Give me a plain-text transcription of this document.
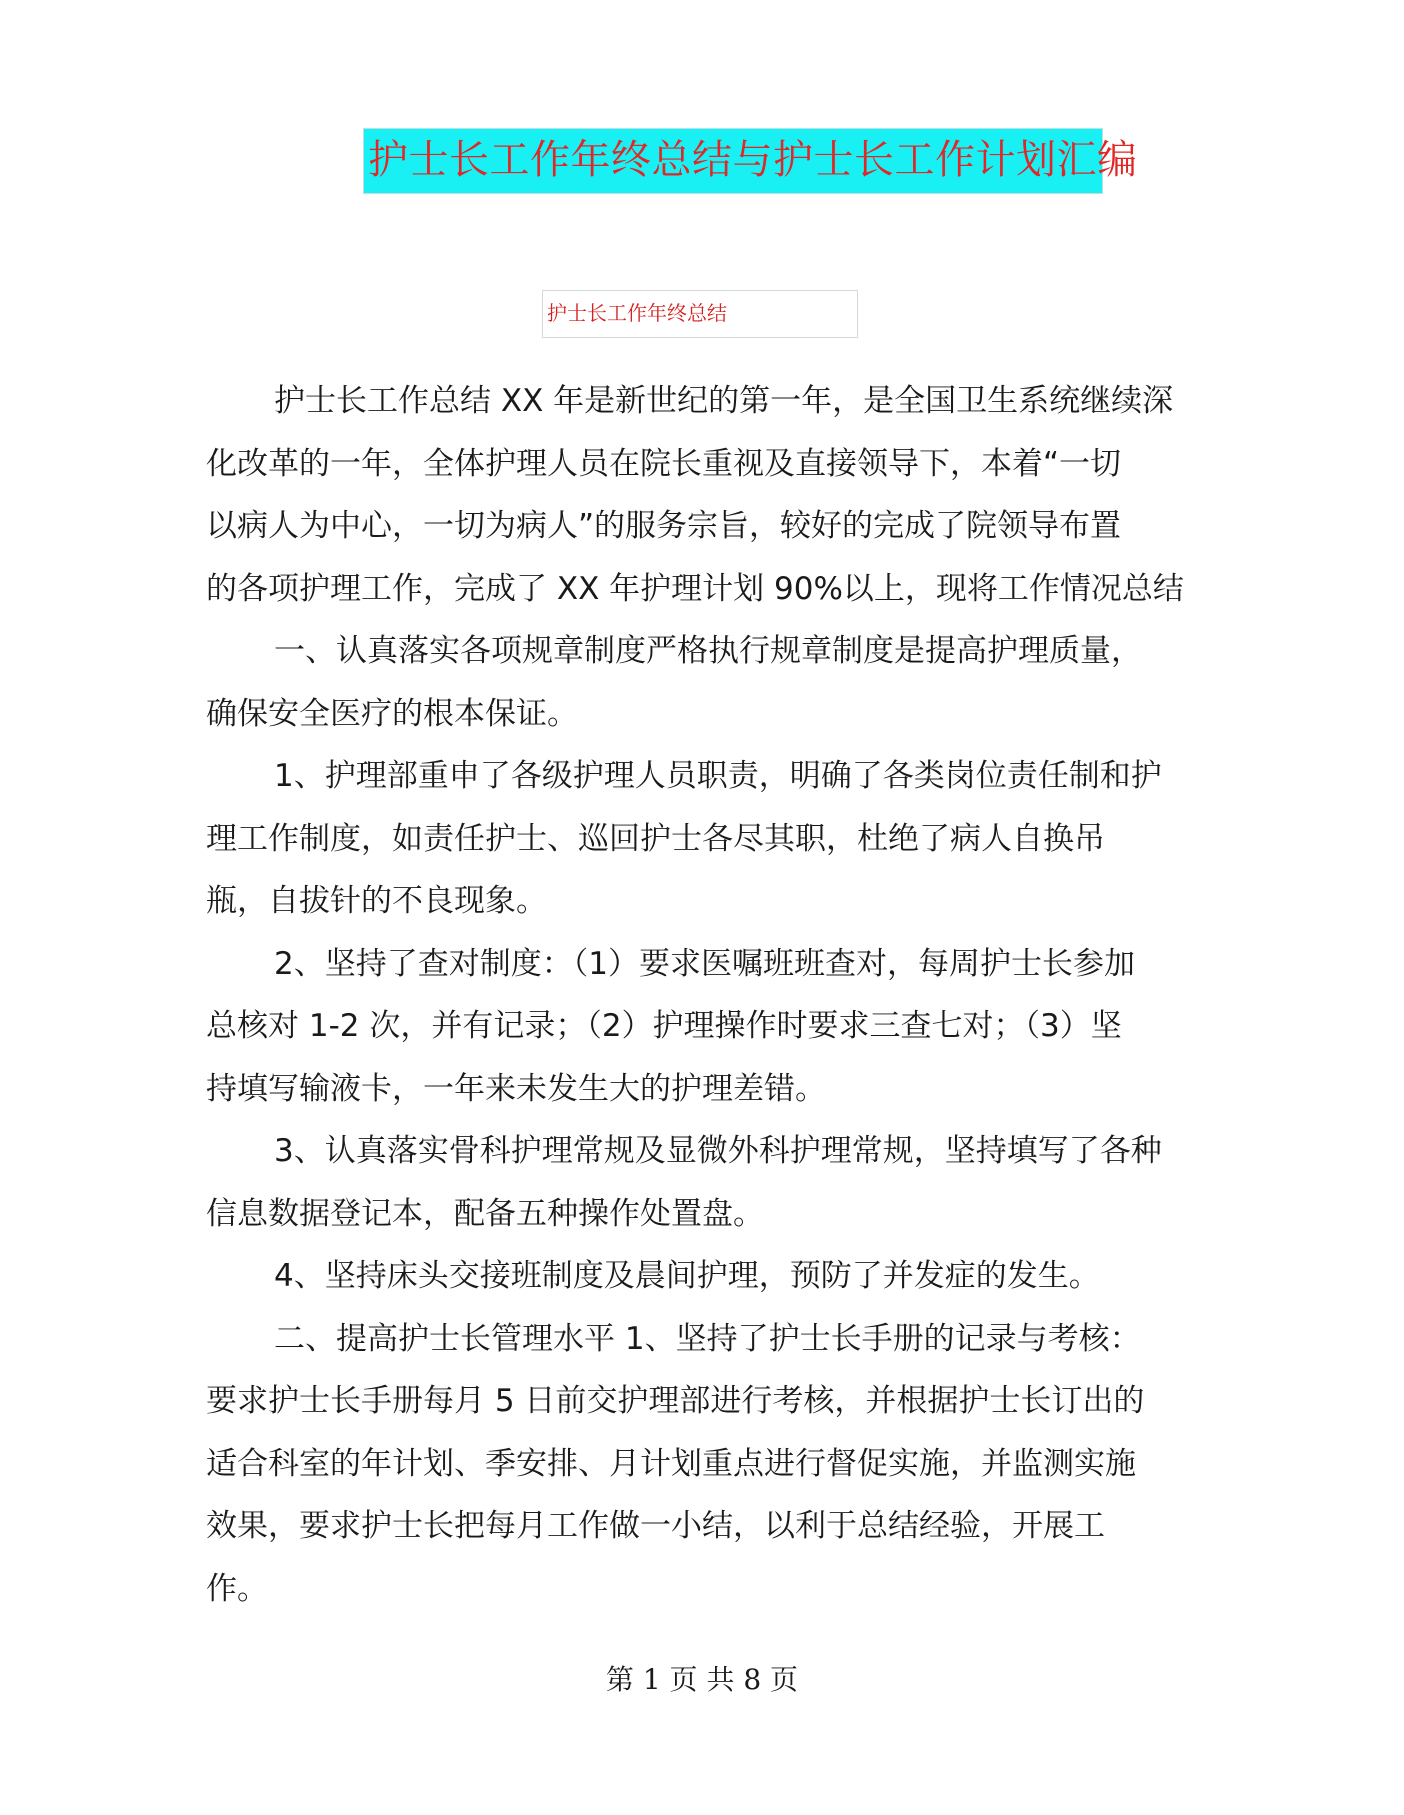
护士长工作年终总结与护士长工作计划汇编
护士长工作年终总结
护士长工作总结 XX 年是新世纪的第一年，是全国卫生系统继续深
化改革的一年，全体护理人员在院长重视及直接领导下，本着“一切
以病人为中心，一切为病人”的服务宗旨，较好的完成了院领导布置
的各项护理工作，完成了 XX 年护理计划 90%以上，现将工作情况总结
一、认真落实各项规章制度严格执行规章制度是提高护理质量，
确保安全医疗的根本保证。
1、护理部重申了各级护理人员职责，明确了各类岗位责任制和护
理工作制度，如责任护士、巡回护士各尽其职，杜绝了病人自换吊
瓶，自拔针的不良现象。
2、坚持了查对制度：（1）要求医嘱班班查对，每周护士长参加
总核对 1-2 次，并有记录；（2）护理操作时要求三查七对；（3）坚
持填写输液卡，一年来未发生大的护理差错。
3、认真落实骨科护理常规及显微外科护理常规，坚持填写了各种
信息数据登记本，配备五种操作处置盘。
4、坚持床头交接班制度及晨间护理，预防了并发症的发生。
二、提高护士长管理水平 1、坚持了护士长手册的记录与考核：
要求护士长手册每月 5 日前交护理部进行考核，并根据护士长订出的
适合科室的年计划、季安排、月计划重点进行督促实施，并监测实施
效果，要求护士长把每月工作做一小结，以利于总结经验，开展工
作。
第 1 页 共 8 页
